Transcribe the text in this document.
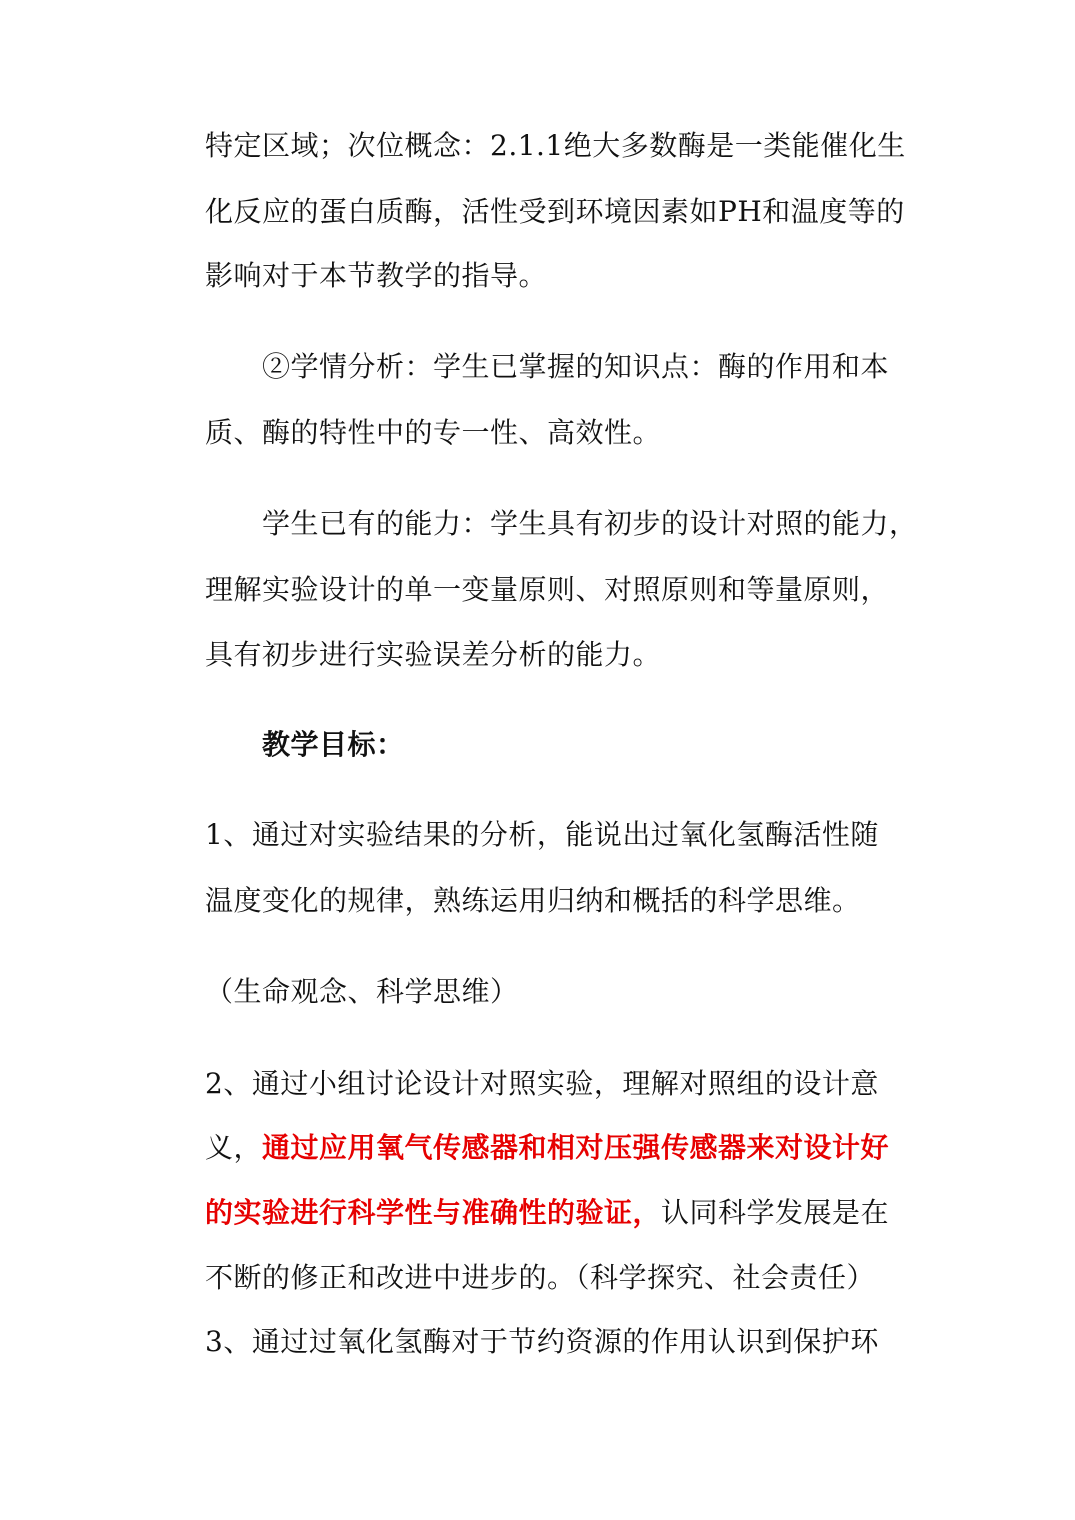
特定区域；次位概念：2.1.1绝大多数酶是一类能催化生
化反应的蛋白质酶，活性受到环境因素如PH和温度等的
影响对于本节教学的指导。
②学情分析：学生已掌握的知识点：酶的作用和本
质、酶的特性中的专一性、高效性。
学生已有的能力：学生具有初步的设计对照的能力，
理解实验设计的单一变量原则、对照原则和等量原则，
具有初步进行实验误差分析的能力。
教学目标：
1、通过对实验结果的分析，能说出过氧化氢酶活性随
温度变化的规律，熟练运用归纳和概括的科学思维。
（生命观念、科学思维）
2、通过小组讨论设计对照实验，理解对照组的设计意
义，通过应用氧气传感器和相对压强传感器来对设计好
的实验进行科学性与准确性的验证，认同科学发展是在
不断的修正和改进中进步的。（科学探究、社会责任）
3、通过过氧化氢酶对于节约资源的作用认识到保护环
